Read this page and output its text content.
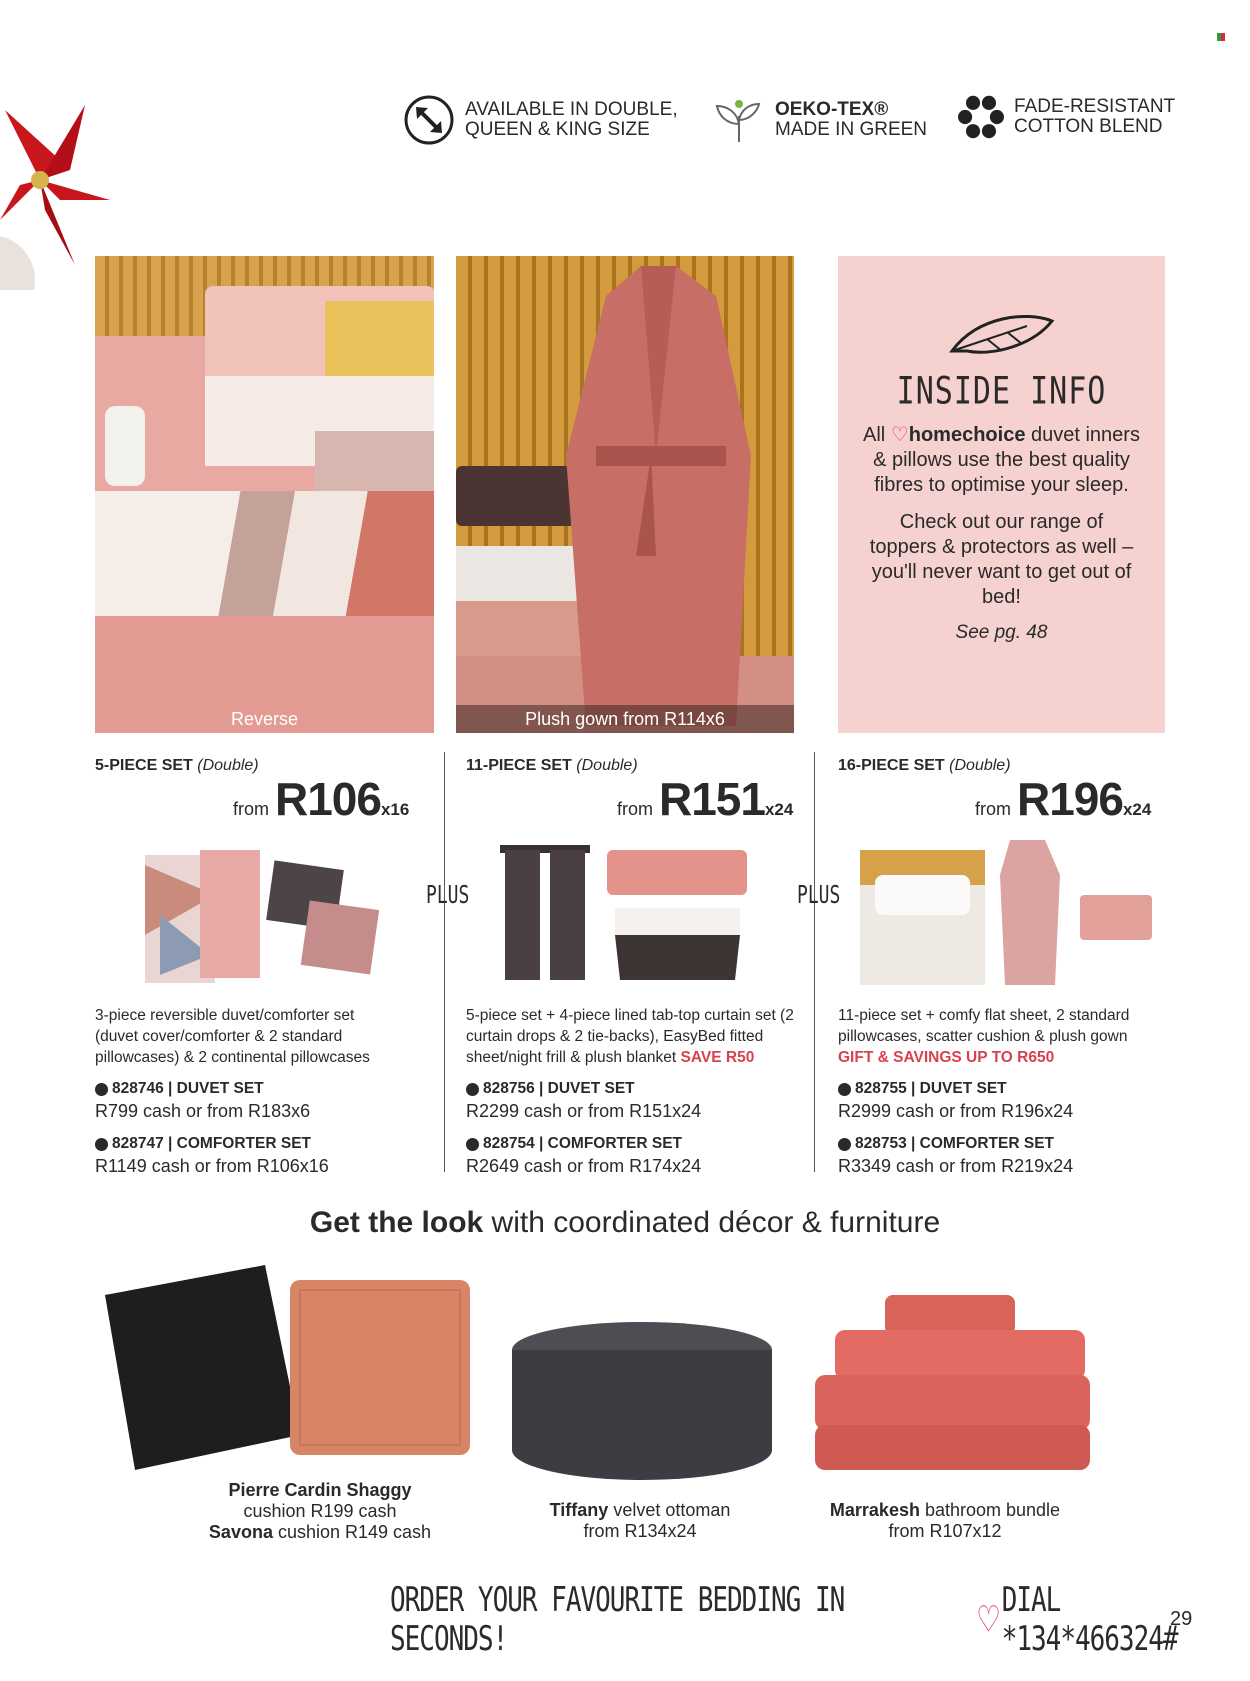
AVAILABLE IN DOUBLE,
QUEEN & KING SIZE
OEKO-TEX®
MADE IN GREEN
FADE-RESISTANT
COTTON BLEND
Reverse	Plush gown from R114x6
INSIDE INFO

All ♡homechoice duvet inners & pillows use the best quality fibres to optimise your sleep.

Check out our range of toppers & protectors as well – you'll never want to get out of bed!

See pg. 48

5-PIECE SET (Double)
from R106 x16
3-piece reversible duvet/comforter set (duvet cover/comforter & 2 standard pillowcases) & 2 continental pillowcases
828746 | DUVET SET
R799 cash or from R183x6
828747 | COMFORTER SET
R1149 cash or from R106x16
PLUS
11-PIECE SET (Double)
from R151 x24
5-piece set + 4-piece lined tab-top curtain set (2 curtain drops & 2 tie-backs), EasyBed fitted sheet/night frill & plush blanket SAVE R50
828756 | DUVET SET
R2299 cash or from R151x24
828754 | COMFORTER SET
R2649 cash or from R174x24
PLUS
16-PIECE SET (Double)
from R196 x24
11-piece set + comfy flat sheet, 2 standard pillowcases, scatter cushion & plush gown
GIFT & SAVINGS UP TO R650
828755 | DUVET SET
R2999 cash or from R196x24
828753 | COMFORTER SET
R3349 cash or from R219x24
Get the look with coordinated décor & furniture
Pierre Cardin Shaggy
cushion R199 cash
Savona cushion R149 cash
Tiffany velvet ottoman
from R134x24
Marrakesh bathroom bundle
from R107x12
ORDER YOUR FAVOURITE BEDDING IN SECONDS!	♡ DIAL *134*466324#
29
